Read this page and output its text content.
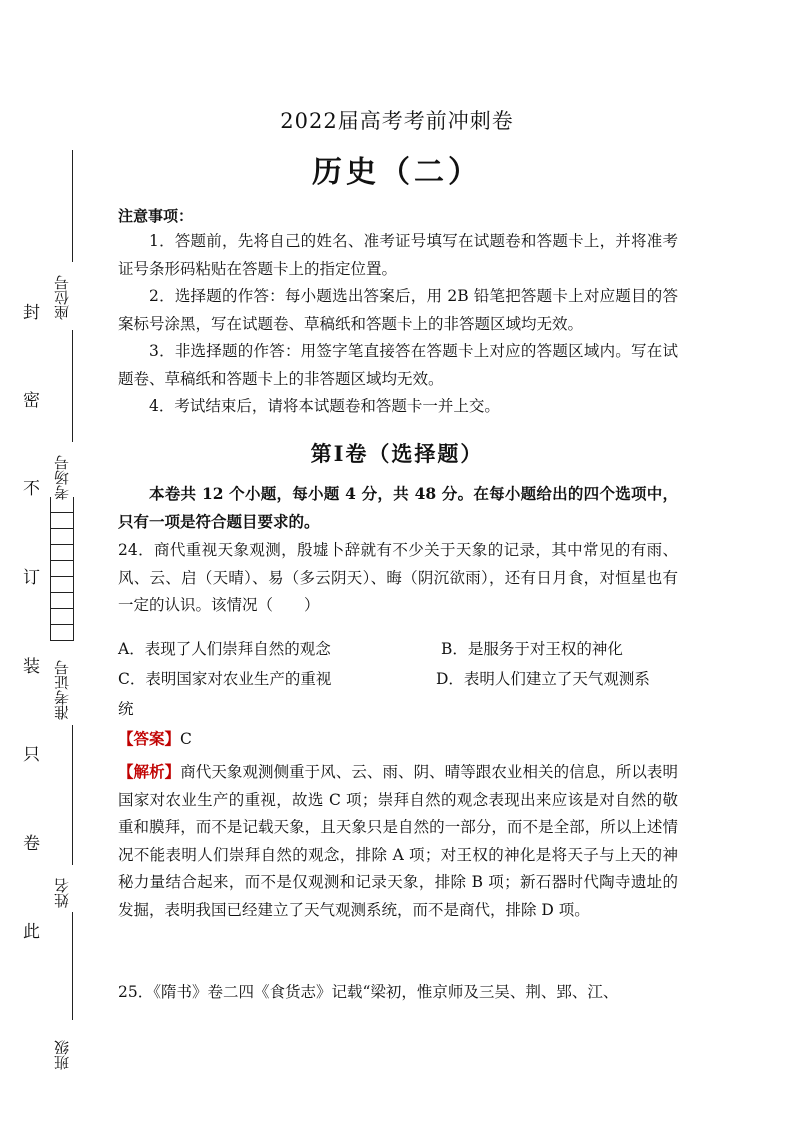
座位号
考场号
准考证号
姓名
班级
封
密
不
订
装
只
卷
此
2022届高考考前冲刺卷
历史（二）
注意事项：

1．答题前，先将自己的姓名、准考证号填写在试题卷和答题卡上，并将准考证号条形码粘贴在答题卡上的指定位置。

2．选择题的作答：每小题选出答案后，用 2B 铅笔把答题卡上对应题目的答案标号涂黑，写在试题卷、草稿纸和答题卡上的非答题区域均无效。

3．非选择题的作答：用签字笔直接答在答题卡上对应的答题区域内。写在试题卷、草稿纸和答题卡上的非答题区域均无效。

4．考试结束后，请将本试题卷和答题卡一并上交。

第Ⅰ卷（选择题）

本卷共 12 个小题，每小题 4 分，共 48 分。在每小题给出的四个选项中，只有一项是符合题目要求的。

24．商代重视天象观测，殷墟卜辞就有不少关于天象的记录，其中常见的有雨、风、云、启（天晴）、易（多云阴天）、晦（阴沉欲雨），还有日月食，对恒星也有一定的认识。该情况（　　）

A．表现了人们崇拜自然的观念	B．是服务于对王权的神化
C．表明国家对农业生产的重视	D．表明人们建立了天气观测系
统
【答案】C

【解析】商代天象观测侧重于风、云、雨、阴、晴等跟农业相关的信息，所以表明国家对农业生产的重视，故选 C 项；崇拜自然的观念表现出来应该是对自然的敬重和膜拜，而不是记载天象，且天象只是自然的一部分，而不是全部，所以上述情况不能表明人们崇拜自然的观念，排除 A 项；对王权的神化是将天子与上天的神秘力量结合起来，而不是仅观测和记录天象，排除 B 项；新石器时代陶寺遗址的发掘，表明我国已经建立了天气观测系统，而不是商代，排除 D 项。

25．《隋书》卷二四《食货志》记载“梁初，惟京师及三吴、荆、郢、江、
